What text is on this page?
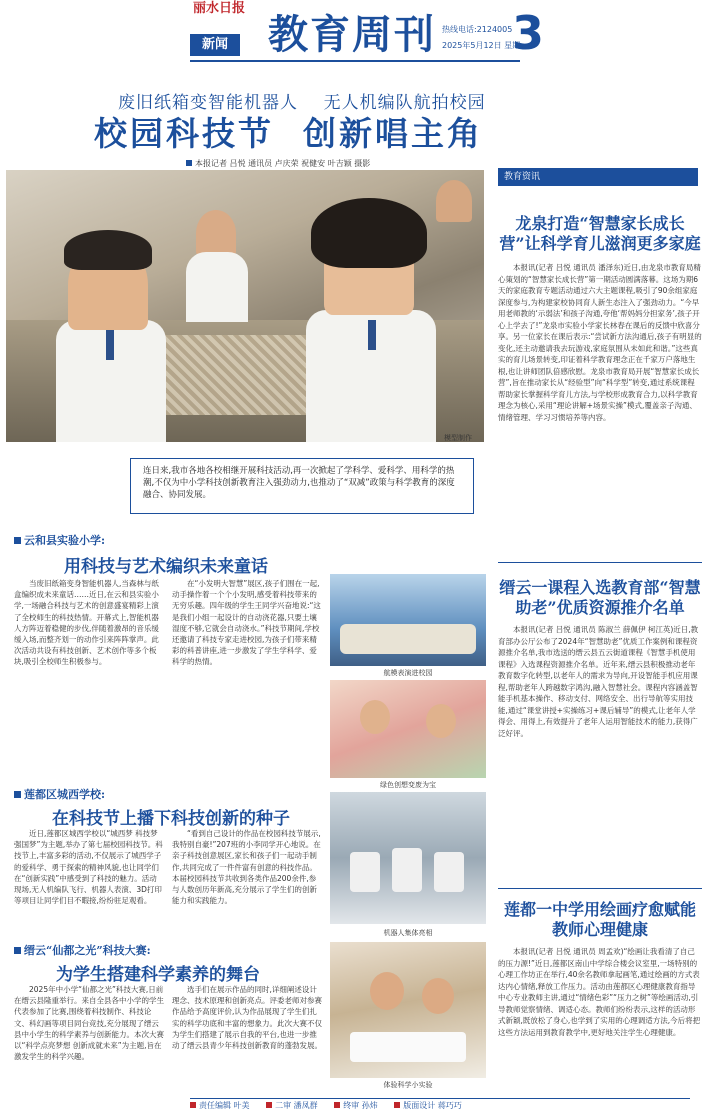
丽水日报
新闻	教育周刊 热线电话:2124005
2025年5月12日 星期一
3
废旧纸箱变智能机器人    无人机编队航拍校园
校园科技节  创新唱主角
本报记者 吕悦 通讯员 卢庆荣 祝健安 叶吉颖 摄影
模型制作
连日来,我市各地各校相继开展科技活动,再一次掀起了学科学、爱科学、用科学的热潮,不仅为中小学科技创新教育注入强劲动力,也推动了“双减”政策与科学教育的深度融合、协同发展。
教育资讯
龙泉打造“智慧家长成长营”让科学育儿滋润更多家庭
本报讯(记者 吕悦 通讯员 潘泽东)近日,由龙泉市教育局精心策划的“智慧家长成长营”第一期活动圆满落幕。这场为期6天的家庭教育专题活动通过六大主题课程,吸引了90余组家庭深度参与,为构建家校协同育人新生态注入了强劲动力。“今早用老师教的‘示弱法’和孩子沟通,夸他‘帮妈妈分担家务’,孩子开心上学去了!”龙泉市实验小学家长林春在课后的反馈中欣喜分享。另一位家长在课后表示:“尝试新方法沟通后,孩子有明显的变化,还主动邀请我去玩游戏,家庭氛围从未如此和谐。”这些真实的育儿场景转变,印证着科学教育理念正在千家万户落地生根,也让讲师团队倍感欣慰。龙泉市教育局开展“智慧家长成长营”,旨在推动家长从“经验型”向“科学型”转变,通过系统课程帮助家长掌握科学育儿方法,与学校形成教育合力,以科学教育理念为核心,采用“理论讲解+场景实操”模式,覆盖亲子沟通、情绪管理、学习习惯培养等内容。
缙云一课程入选教育部“智慧助老”优质资源推介名单
本报讯(记者 吕悦 通讯员 陈淑兰 薛佩伊 柯江英)近日,教育部办公厅公布了2024年“智慧助老”优质工作案例和课程资源推介名单,我市选送的缙云县五云街道课程《智慧手机使用课程》入选课程资源推介名单。近年来,缙云县积极推动老年教育数字化转型,以老年人的需求为导向,开设智能手机应用课程,帮助老年人跨越数字鸿沟,融入智慧社会。课程内容涵盖智能手机基本操作、移动支付、网络安全、出行导航等实用技能,通过“课堂讲授+实操练习+课后辅导”的模式,让老年人学得会、用得上,有效提升了老年人运用智能技术的能力,获得广泛好评。
莲都一中学用绘画疗愈赋能教师心理健康
本报讯(记者 吕悦 通讯员 周孟欢)“绘画让我看清了自己的压力源!”近日,莲都区南山中学综合楼会议室里,一场特别的心理工作坊正在举行,40余名教师拿起画笔,通过绘画的方式表达内心情绪,释放工作压力。活动由莲都区心理健康教育指导中心专业教师主讲,通过“情绪色彩”“压力之树”等绘画活动,引导教师觉察情绪、调适心态。教师们纷纷表示,这样的活动形式新颖,既放松了身心,也学到了实用的心理调适方法,今后将把这些方法运用到教育教学中,更好地关注学生心理健康。
云和县实验小学:
用科技与艺术编织未来童话
当废旧纸箱变身智能机器人,当森林与纸盒编织成未来童话……近日,在云和县实验小学,一场融合科技与艺术的创意盛宴精彩上演了全校师生的科技热情。开幕式上,智能机器人方阵迈着稳健的步伐,伴随着激昂的音乐缓缓入场,而整齐划一的动作引来阵阵掌声。此次活动共设有科技创新、艺术创作等多个板块,吸引全校师生积极参与。
在“小发明大智慧”展区,孩子们围在一起,动手操作着一个个小发明,感受着科技带来的无穷乐趣。四年级的学生王同学兴奋地说:“这是我们小组一起设计的自动浇花器,只要土壤湿度不够,它就会自动浇水。”科技节期间,学校还邀请了科技专家走进校园,为孩子们带来精彩的科普讲座,进一步激发了学生学科学、爱科学的热情。
航模表演进校园
绿色创想变废为宝
莲都区城西学校:
在科技节上播下科技创新的种子
近日,莲都区城西学校以“城西梦 科技梦 强国梦”为主题,举办了第七届校园科技节。科技节上,丰富多彩的活动,不仅展示了城西学子的爱科学、勇于探索的精神风貌,也让同学们在“创新实践”中感受到了科技的魅力。活动现场,无人机编队飞行、机器人表演、3D打印等项目让同学们目不暇接,纷纷驻足观看。
“看到自己设计的作品在校园科技节展示,我特别自豪!”207班的小李同学开心地说。在亲子科技创意展区,家长和孩子们一起动手制作,共同完成了一件件富有创意的科技作品。本届校园科技节共收到各类作品200余件,参与人数创历年新高,充分展示了学生们的创新能力和实践能力。
机器人集体亮相
缙云“仙都之光”科技大赛:
为学生搭建科学素养的舞台
2025年中小学“仙都之光”科技大赛,日前在缙云县隆重举行。来自全县各中小学的学生代表参加了比赛,围绕着科技制作、科技论文、科幻画等项目同台竞技,充分展现了缙云县中小学生的科学素养与创新能力。本次大赛以“科学点亮梦想 创新成就未来”为主题,旨在激发学生的科学兴趣。
选手们在展示作品的同时,详细阐述设计理念、技术原理和创新亮点。评委老师对参赛作品给予高度评价,认为作品展现了学生们扎实的科学功底和丰富的想象力。此次大赛不仅为学生们搭建了展示自我的平台,也进一步推动了缙云县青少年科技创新教育的蓬勃发展。
体验科学小实验
责任编辑 叶美	二审 潘凤群	终审 孙炜	版面设计 蒋巧巧
